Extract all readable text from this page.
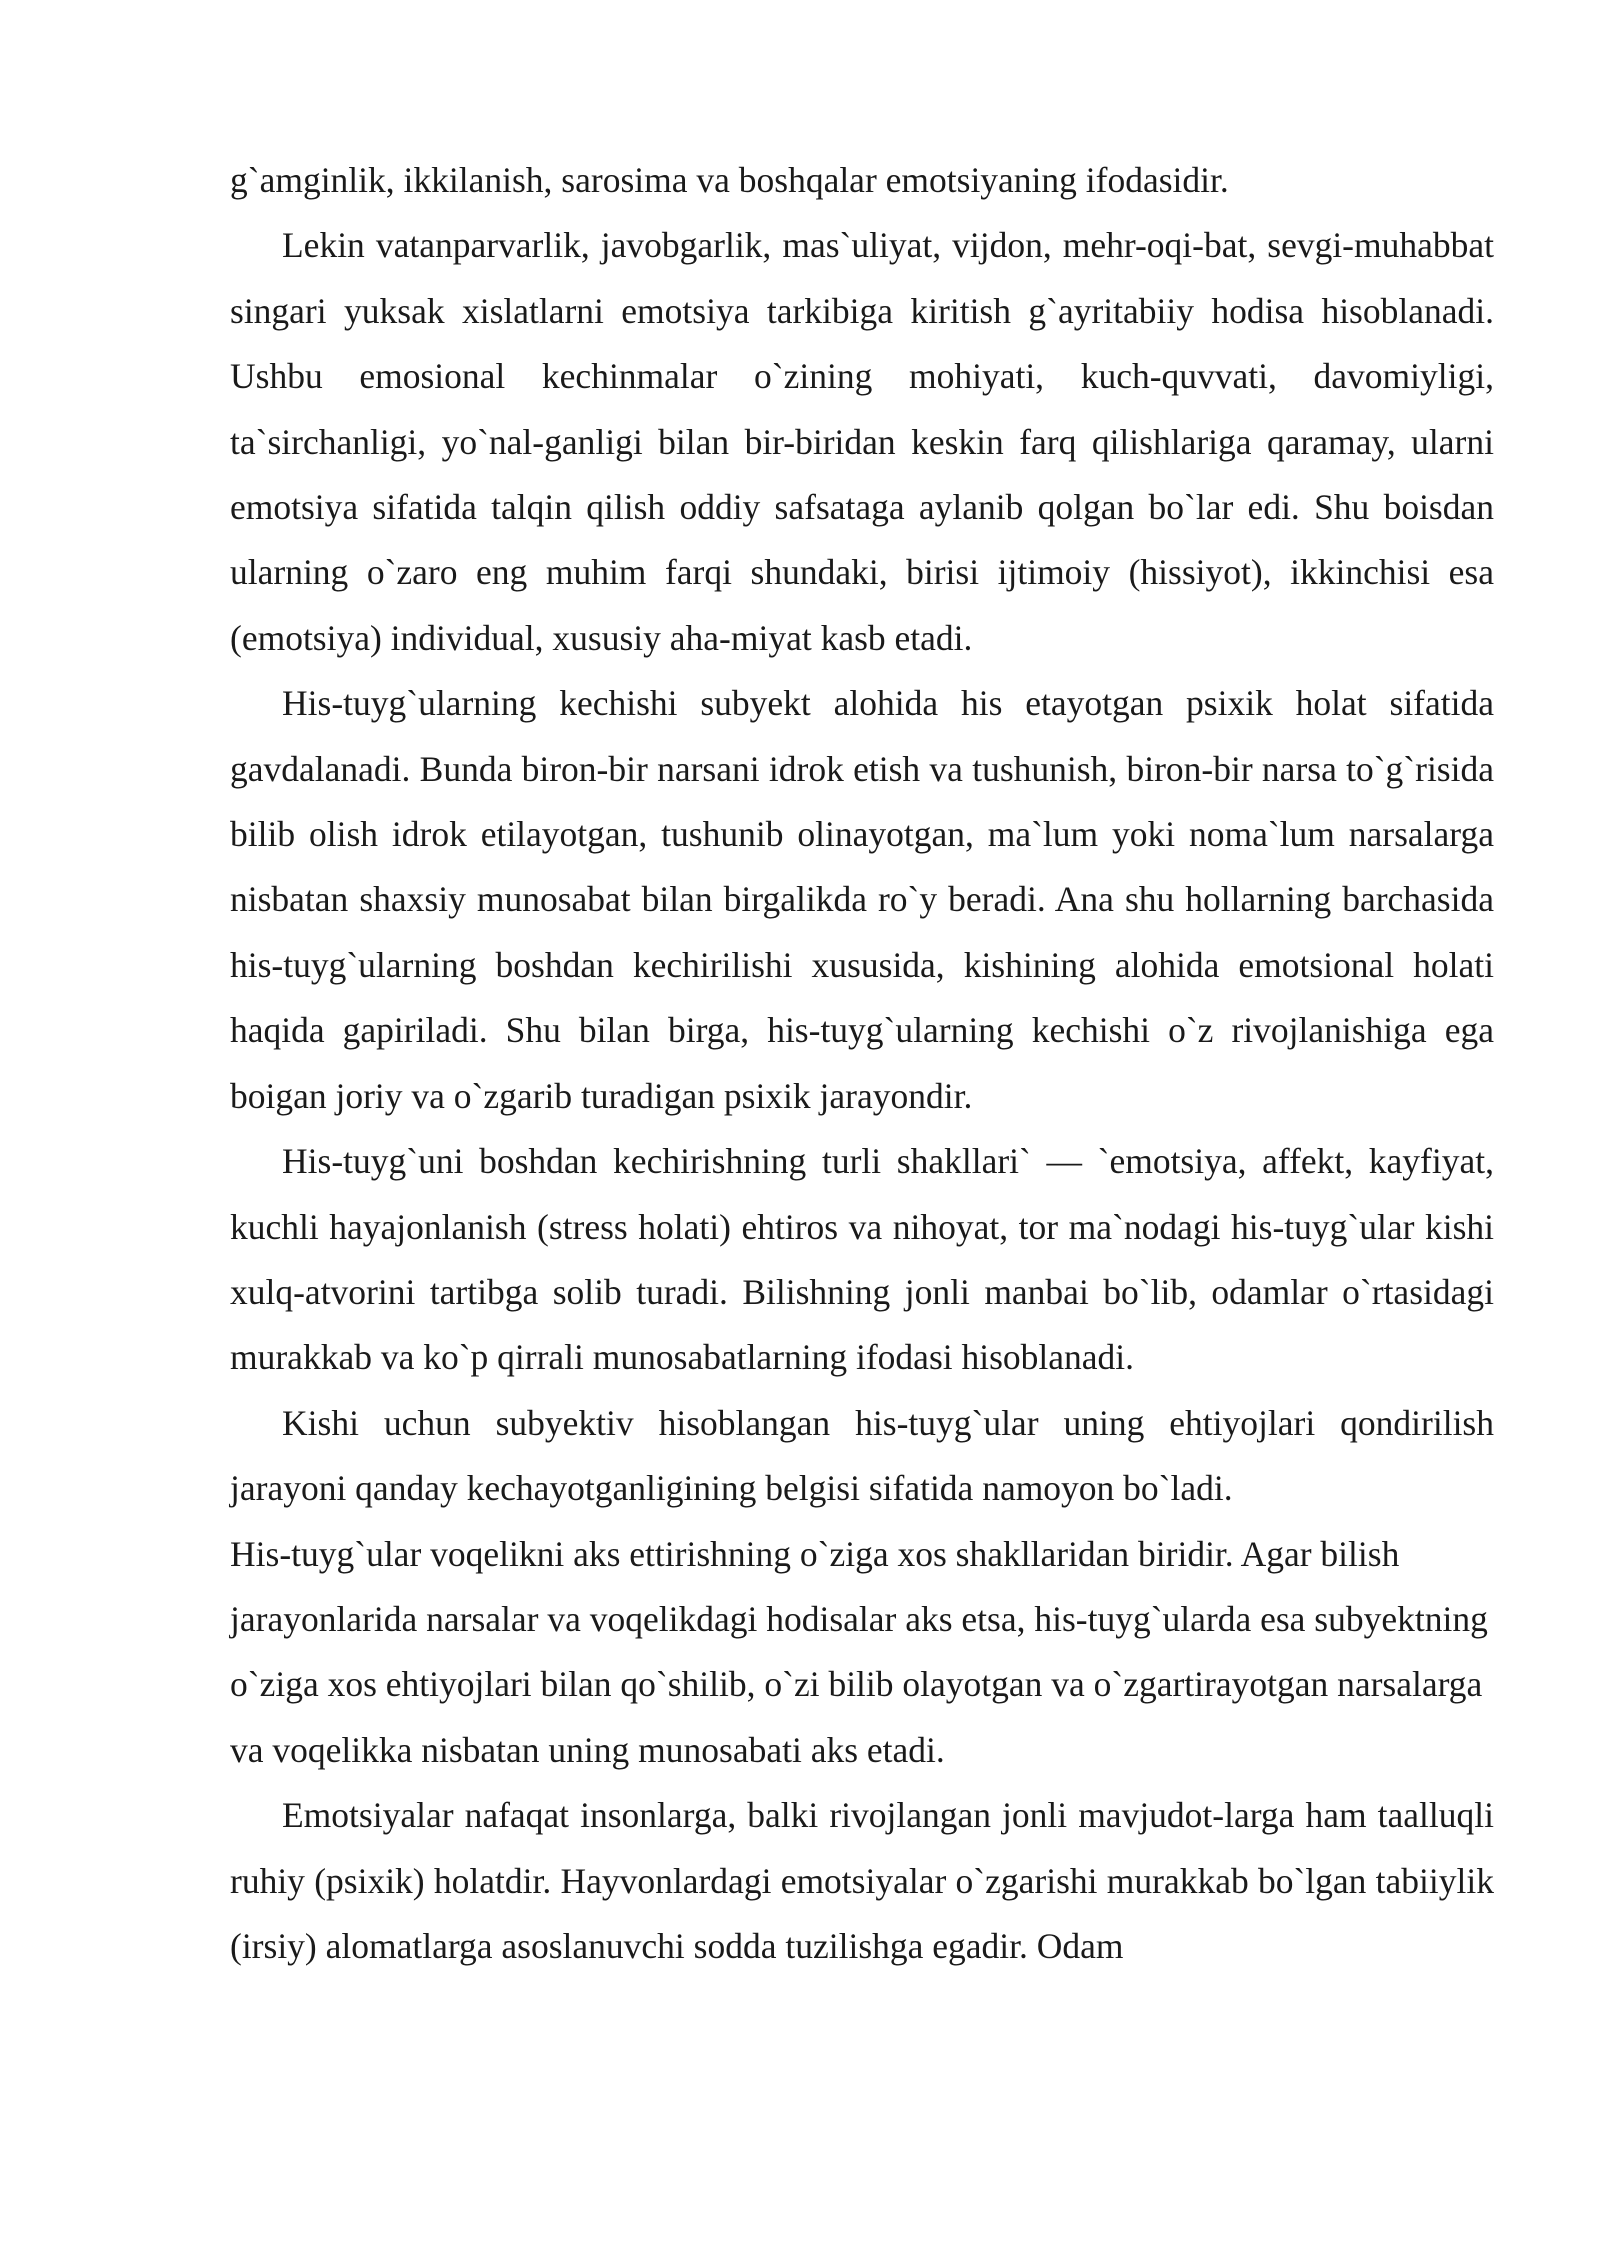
g`amginlik, ikkilanish, sarosima va boshqalar emotsiyaning ifodasidir.

Lekin vatanparvarlik, javobgarlik, mas`uliyat, vijdon, mehr-oqi-bat, sevgi-muhabbat singari yuksak xislatlarni emotsiya tarkibiga kiritish g`ayritabiiy hodisa hisoblanadi. Ushbu emosional kechinmalar o`zining mohiyati, kuch-quvvati, davomiyligi, ta`sirchanligi, yo`nal-ganligi bilan bir-biridan keskin farq qilishlariga qaramay, ularni emotsiya sifatida talqin qilish oddiy safsataga aylanib qolgan bo`lar edi. Shu boisdan ularning o`zaro eng muhim farqi shundaki, birisi ijtimoiy (hissiyot), ikkinchisi esa (emotsiya) individual, xususiy aha-miyat kasb etadi.

His-tuyg`ularning kechishi subyekt alohida his etayotgan psixik holat sifatida gavdalanadi. Bunda biron-bir narsani idrok etish va tushunish, biron-bir narsa to`g`risida bilib olish idrok etilayotgan, tushunib olinayotgan, ma`lum yoki noma`lum narsalarga nisbatan shaxsiy munosabat bilan birgalikda ro`y beradi. Ana shu hollarning barchasida his-tuyg`ularning boshdan kechirilishi xususida, kishining alohida emotsional holati haqida gapiriladi. Shu bilan birga, his-tuyg`ularning kechishi o`z rivojlanishiga ega boigan joriy va o`zgarib turadigan psixik jarayondir.

His-tuyg`uni boshdan kechirishning turli shakllari` — `emotsiya, affekt, kayfiyat, kuchli hayajonlanish (stress holati) ehtiros va nihoyat, tor ma`nodagi his-tuyg`ular kishi xulq-atvorini tartibga solib turadi. Bilishning jonli manbai bo`lib, odamlar o`rtasidagi murakkab va ko`p qirrali munosabatlarning ifodasi hisoblanadi.

Kishi uchun subyektiv hisoblangan his-tuyg`ular uning ehtiyojlari qondirilish jarayoni qanday kechayotganligining belgisi sifatida namoyon bo`ladi.

His-tuyg`ular voqelikni aks ettirishning o`ziga xos shakllaridan biridir. Agar bilish jarayonlarida narsalar va voqelikdagi hodisalar aks etsa, his-tuyg`ularda esa subyektning o`ziga xos ehtiyojlari bilan qo`shilib, o`zi bilib olayotgan va o`zgartirayotgan narsalarga va voqelikka nisbatan uning munosabati aks etadi.

Emotsiyalar nafaqat insonlarga, balki rivojlangan jonli mavjudot-larga ham taalluqli ruhiy (psixik) holatdir. Hayvonlardagi emotsiyalar o`zgarishi murakkab bo`lgan tabiiylik (irsiy) alomatlarga asoslanuvchi sodda tuzilishga egadir. Odam
